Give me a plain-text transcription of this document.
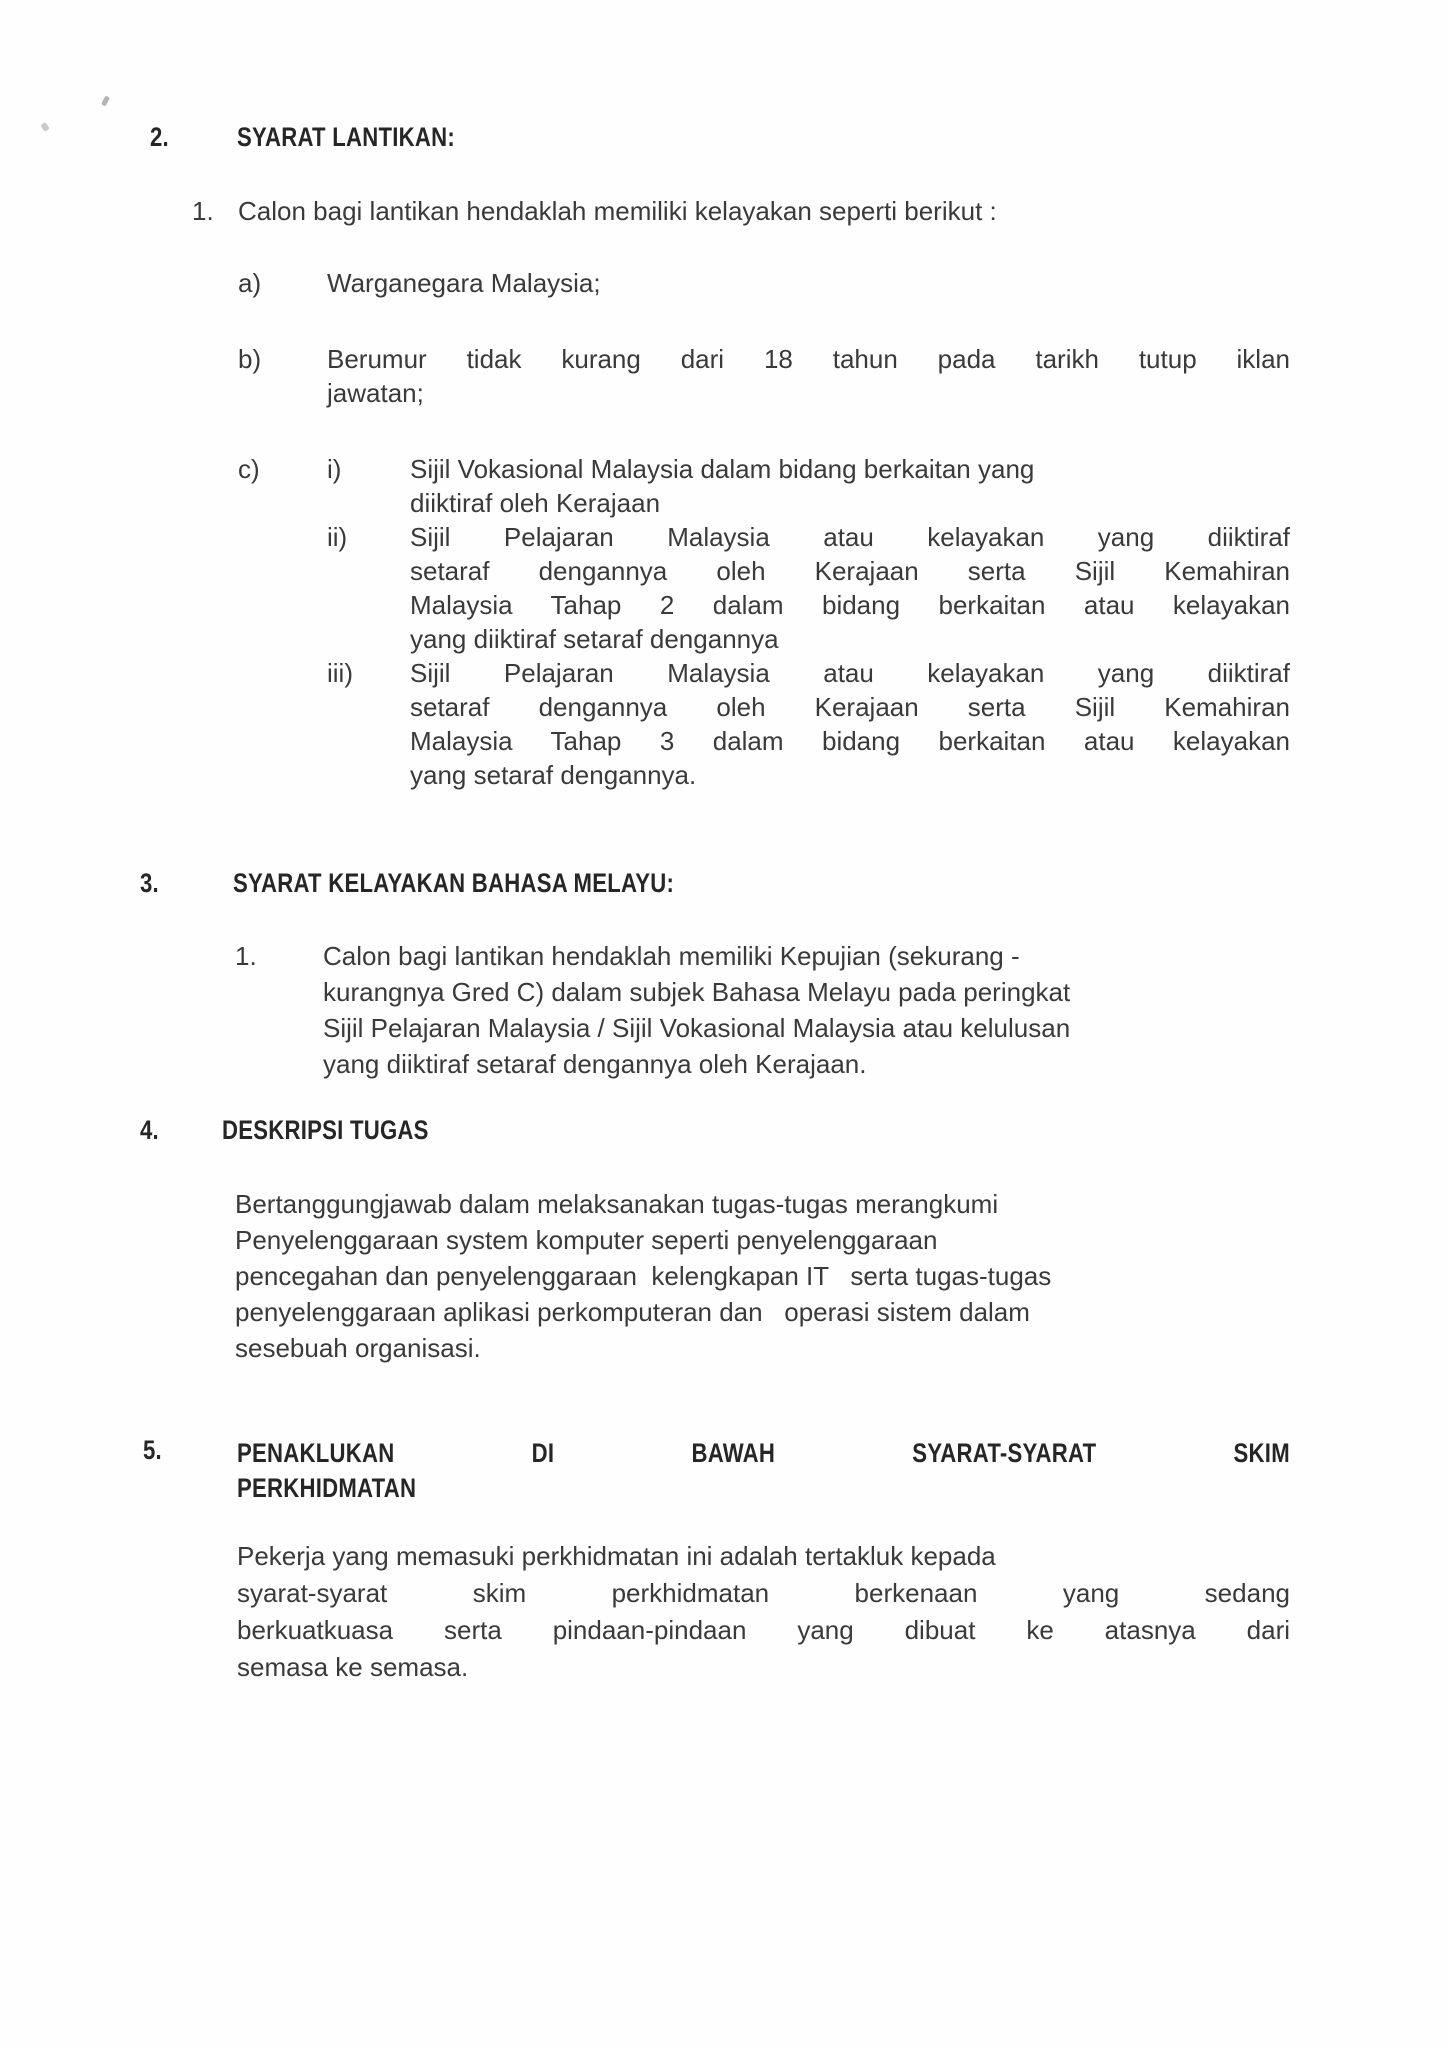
2.	SYARAT LANTIKAN:
1. Calon bagi lantikan hendaklah memiliki kelayakan seperti berikut :
a)	Warganegara Malaysia;
b)	Berumur tidak kurang dari 18 tahun pada tarikh tutup iklan
jawatan;
c)	i)	Sijil Vokasional Malaysia dalam bidang berkaitan yang
diiktiraf oleh Kerajaan
ii) Sijil Pelajaran Malaysia atau kelayakan yang diiktiraf
setaraf dengannya oleh Kerajaan serta Sijil Kemahiran
Malaysia Tahap 2 dalam bidang berkaitan atau kelayakan
yang diiktiraf setaraf dengannya
iii) Sijil Pelajaran Malaysia atau kelayakan yang diiktiraf
setaraf dengannya oleh Kerajaan serta Sijil Kemahiran
Malaysia Tahap 3 dalam bidang berkaitan atau kelayakan
yang setaraf dengannya.
3.	SYARAT KELAYAKAN BAHASA MELAYU:
1.	Calon bagi lantikan hendaklah memiliki Kepujian (sekurang -
kurangnya Gred C) dalam subjek Bahasa Melayu pada peringkat
Sijil Pelajaran Malaysia / Sijil Vokasional Malaysia atau kelulusan
yang diiktiraf setaraf dengannya oleh Kerajaan.
4. DESKRIPSI TUGAS
Bertanggungjawab dalam melaksanakan tugas-tugas merangkumi
Penyelenggaraan system komputer seperti penyelenggaraan
pencegahan dan penyelenggaraan  kelengkapan IT   serta tugas-tugas
penyelenggaraan aplikasi perkomputeran dan   operasi sistem dalam
sesebuah organisasi.
5.	PENAKLUKAN DI BAWAH SYARAT-SYARAT SKIM
PERKHIDMATAN
Pekerja yang memasuki perkhidmatan ini adalah tertakluk kepada
syarat-syarat skim perkhidmatan berkenaan yang sedang
berkuatkuasa serta pindaan-pindaan yang dibuat ke atasnya dari
semasa ke semasa.
